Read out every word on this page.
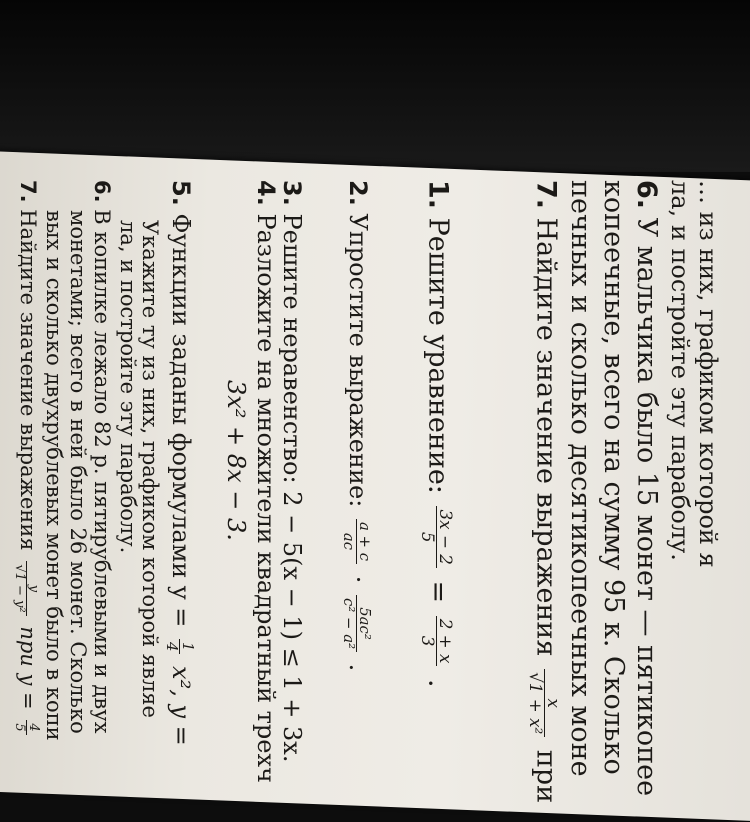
… из них, графиком которой я
ла, и постройте эту параболу.
6. У мальчика было 15 монет — пятикопее
копеечные, всего на сумму 95 к. Сколько
печных и сколько десятикопеечных моне
7. Найдите значение выражения
x
√1 + x²
при
1. Решите уравнение:
3x − 2
5
=
2 + x
3
.
2. Упростите выражение:
a + c
ac
·
5ac²
c² − a²
.
3. Решите неравенство: 2 − 5(x − 1) ≤ 1 + 3x.
4. Разложите на множители квадратный трехч
3x² + 8x − 3.
5. Функции заданы формулами y =
1
4
x², y =
Укажите ту из них, графиком которой являе
ла, и постройте эту параболу.
6. В копилке лежало 82 р. пятирублевыми и двух
монетами; всего в ней было 26 монет. Сколько
вых и сколько двухрублевых монет было в копи
7. Найдите значение выражения
y
√1 − y²
при y =
4
5
